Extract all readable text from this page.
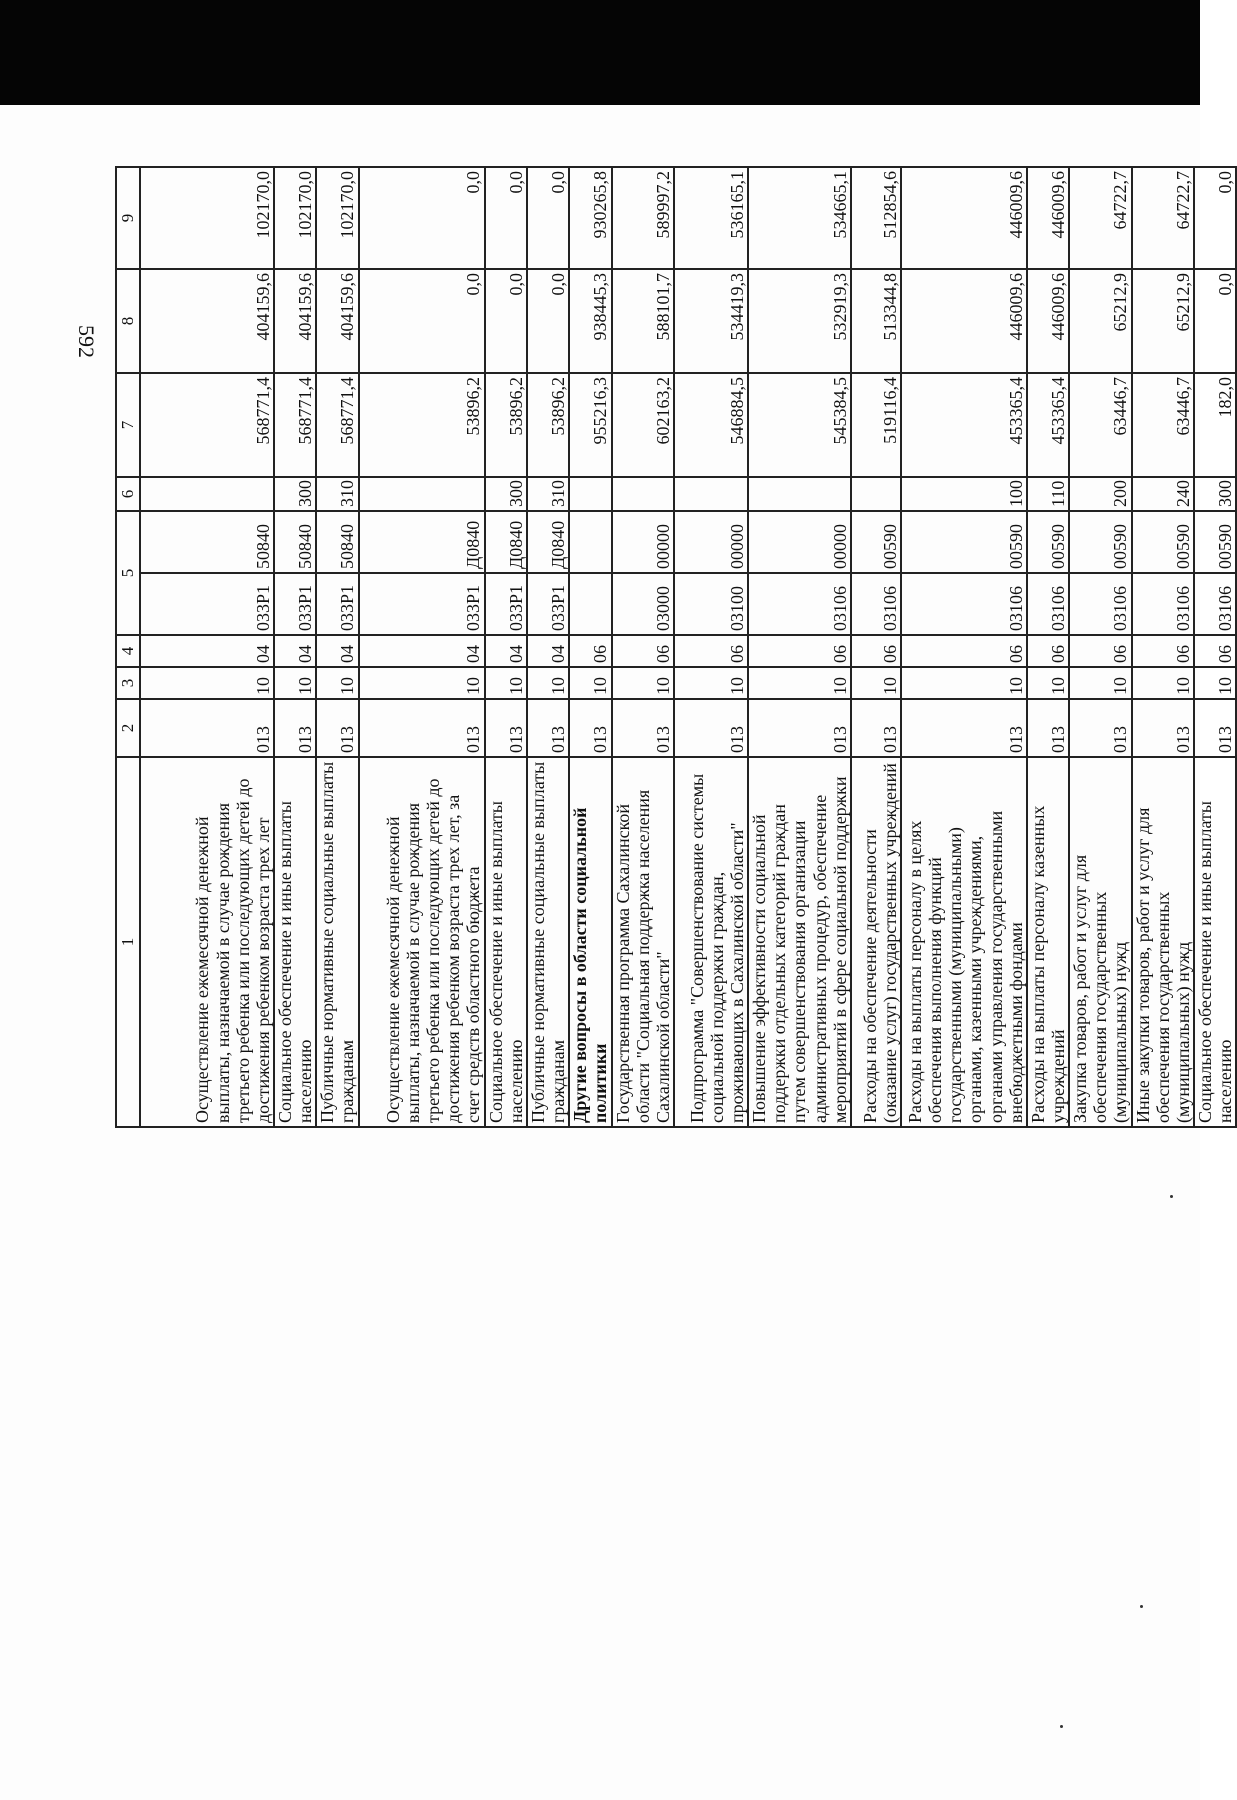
592
1	2	3	4	5		6	7	8	9
Осуществление ежемесячной денежной выплаты, назначаемой в случае рождения третьего ребенка или последующих детей до достижения ребенком возраста трех лет	013	10	04	033P1	50840		568771,4	404159,6	102170,0
Социальное обеспечение и иные выплаты населению	013	10	04	033P1	50840	300	568771,4	404159,6	102170,0
Публичные нормативные социальные выплаты гражданам	013	10	04	033P1	50840	310	568771,4	404159,6	102170,0
Осуществление ежемесячной денежной выплаты, назначаемой в случае рождения третьего ребенка или последующих детей до достижения ребенком возраста трех лет, за счет средств областного бюджета	013	10	04	033P1	Д0840		53896,2	0,0	0,0
Социальное обеспечение и иные выплаты населению	013	10	04	033P1	Д0840	300	53896,2	0,0	0,0
Публичные нормативные социальные выплаты гражданам	013	10	04	033P1	Д0840	310	53896,2	0,0	0,0
Другие вопросы в области социальной политики	013	10	06				955216,3	938445,3	930265,8
Государственная программа Сахалинской области "Социальная поддержка населения Сахалинской области"	013	10	06	03000	00000		602163,2	588101,7	589997,2
Подпрограмма "Совершенствование системы социальной поддержки граждан, проживающих в Сахалинской области"	013	10	06	03100	00000		546884,5	534419,3	536165,1
Повышение эффективности социальной поддержки отдельных категорий граждан путем совершенствования организации административных процедур, обеспечение мероприятий в сфере социальной поддержки	013	10	06	03106	00000		545384,5	532919,3	534665,1
Расходы на обеспечение деятельности (оказание услуг) государственных учреждений	013	10	06	03106	00590		519116,4	513344,8	512854,6
Расходы на выплаты персоналу в целях обеспечения выполнения функций государственными (муниципальными) органами, казенными учреждениями, органами управления государственными внебюджетными фондами	013	10	06	03106	00590	100	453365,4	446009,6	446009,6
Расходы на выплаты персоналу казенных учреждений	013	10	06	03106	00590	110	453365,4	446009,6	446009,6
Закупка товаров, работ и услуг для обеспечения государственных (муниципальных) нужд	013	10	06	03106	00590	200	63446,7	65212,9	64722,7
Иные закупки товаров, работ и услуг для обеспечения государственных (муниципальных) нужд	013	10	06	03106	00590	240	63446,7	65212,9	64722,7
Социальное обеспечение и иные выплаты населению	013	10	06	03106	00590	300	182,0	0,0	0,0
